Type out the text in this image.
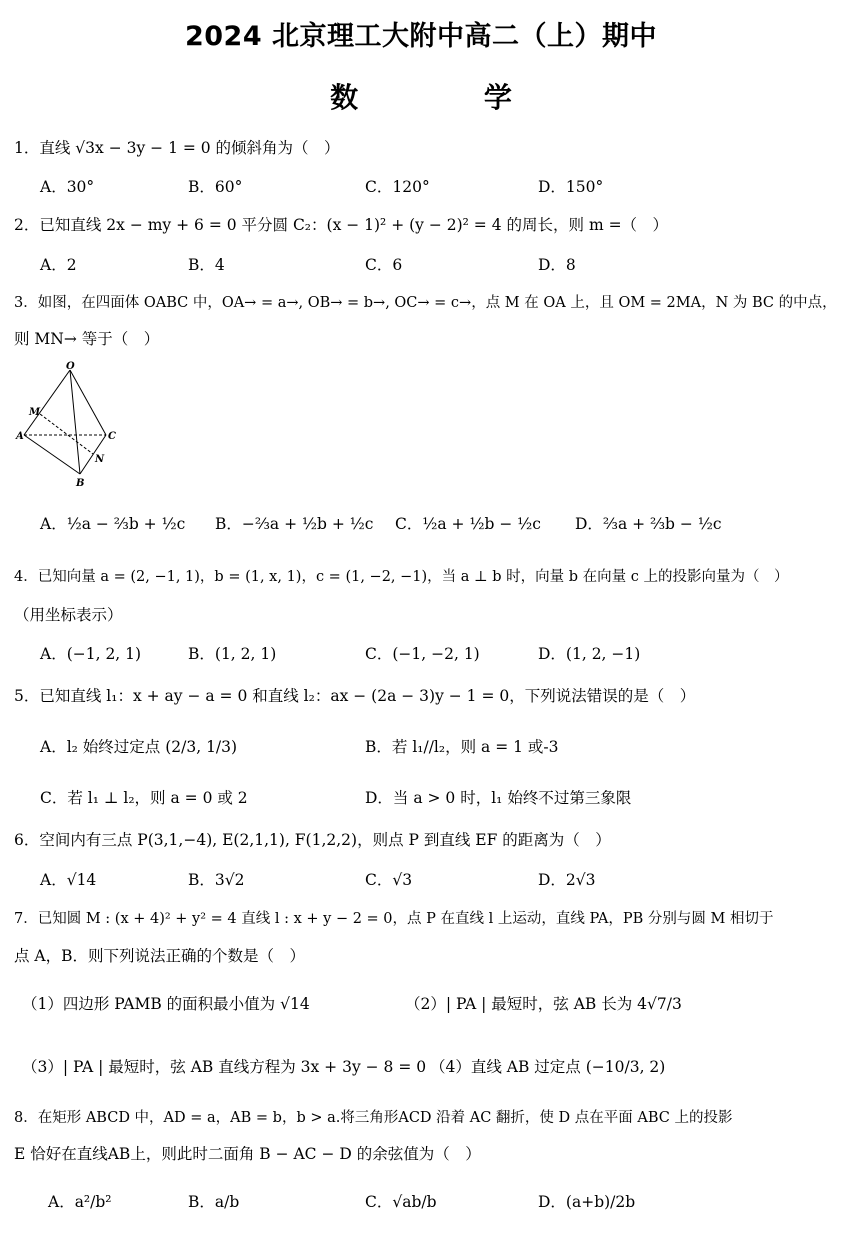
2024 北京理工大附中高二（上）期中
数 学
1．直线 √3x − 3y − 1 = 0 的倾斜角为（　）
A．30°	B．60°	C．120°	D．150°
2．已知直线 2x − my + 6 = 0 平分圆 C₂：(x − 1)² + (y − 2)² = 4 的周长，则 m =（　）
A．2	B．4	C．6	D．8
3．如图，在四面体 OABC 中，OA→ = a→, OB→ = b→, OC→ = c→，点 M 在 OA 上，且 OM = 2MA，N 为 BC 的中点，
则 MN→ 等于（　）
O
M
A	C
N
B
A．½a − ⅔b + ½c B．−⅔a + ½b + ½c C．½a + ½b − ½c D．⅔a + ⅔b − ½c
4．已知向量 a = (2, −1, 1)，b = (1, x, 1)，c = (1, −2, −1)，当 a ⊥ b 时，向量 b 在向量 c 上的投影向量为（　）
（用坐标表示）
A．(−1, 2, 1)	B．(1, 2, 1)	C．(−1, −2, 1)	D．(1, 2, −1)
5．已知直线 l₁：x + ay − a = 0 和直线 l₂：ax − (2a − 3)y − 1 = 0，下列说法错误的是（　）
A．l₂ 始终过定点 (2/3, 1/3)	B．若 l₁//l₂，则 a = 1 或-3
C．若 l₁ ⊥ l₂，则 a = 0 或 2	D．当 a > 0 时，l₁ 始终不过第三象限
6．空间内有三点 P(3,1,−4), E(2,1,1), F(1,2,2)，则点 P 到直线 EF 的距离为（　）
A．√14	B．3√2	C．√3	D．2√3
7．已知圆 M : (x + 4)² + y² = 4 直线 l : x + y − 2 = 0，点 P 在直线 l 上运动，直线 PA，PB 分别与圆 M 相切于
点 A，B．则下列说法正确的个数是（　）
（1）四边形 PAMB 的面积最小值为 √14	（2）| PA | 最短时，弦 AB 长为 4√7/3
（3）| PA | 最短时，弦 AB 直线方程为 3x + 3y − 8 = 0 （4）直线 AB 过定点 (−10/3, 2)
8．在矩形 ABCD 中，AD = a，AB = b，b > a.将三角形ACD 沿着 AC 翻折，使 D 点在平面 ABC 上的投影
E 恰好在直线AB上，则此时二面角 B − AC − D 的余弦值为（　）
A．a²/b²	B．a/b	C．√ab/b	D．(a+b)/2b
